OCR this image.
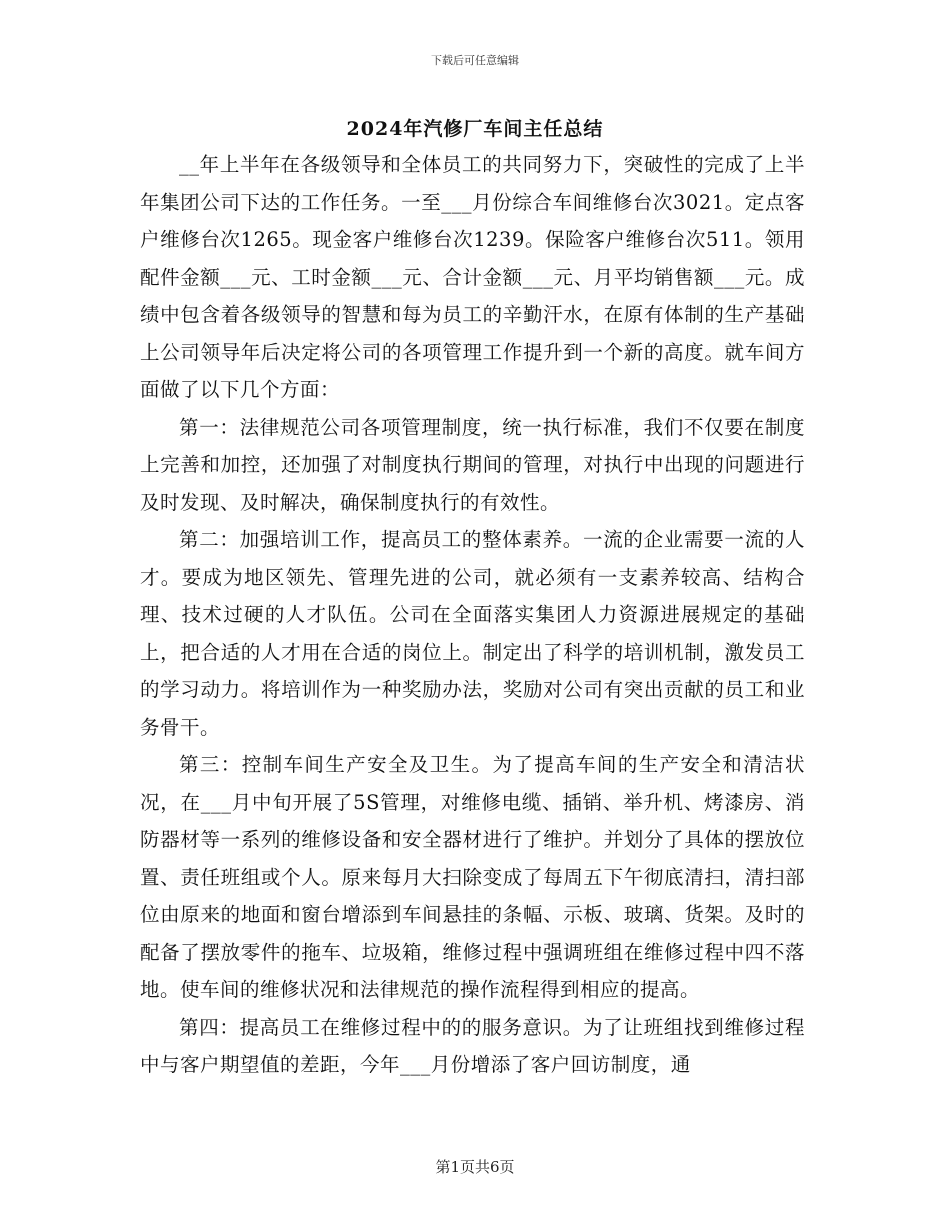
下载后可任意编辑
2024年汽修厂车间主任总结

__年上半年在各级领导和全体员工的共同努力下，突破性的完成了上半年集团公司下达的工作任务。一至___月份综合车间维修台次3021。定点客户维修台次1265。现金客户维修台次1239。保险客户维修台次511。领用配件金额___元、工时金额___元、合计金额___元、月平均销售额___元。成绩中包含着各级领导的智慧和每为员工的辛勤汗水，在原有体制的生产基础上公司领导年后决定将公司的各项管理工作提升到一个新的高度。就车间方面做了以下几个方面：

第一：法律规范公司各项管理制度，统一执行标准，我们不仅要在制度上完善和加控，还加强了对制度执行期间的管理，对执行中出现的问题进行及时发现、及时解决，确保制度执行的有效性。

第二：加强培训工作，提高员工的整体素养。一流的企业需要一流的人才。要成为地区领先、管理先进的公司，就必须有一支素养较高、结构合理、技术过硬的人才队伍。公司在全面落实集团人力资源进展规定的基础上，把合适的人才用在合适的岗位上。制定出了科学的培训机制，激发员工的学习动力。将培训作为一种奖励办法，奖励对公司有突出贡献的员工和业务骨干。

第三：控制车间生产安全及卫生。为了提高车间的生产安全和清洁状况，在___月中旬开展了5S管理，对维修电缆、插销、举升机、烤漆房、消防器材等一系列的维修设备和安全器材进行了维护。并划分了具体的摆放位置、责任班组或个人。原来每月大扫除变成了每周五下午彻底清扫，清扫部位由原来的地面和窗台增添到车间悬挂的条幅、示板、玻璃、货架。及时的配备了摆放零件的拖车、垃圾箱，维修过程中强调班组在维修过程中四不落地。使车间的维修状况和法律规范的操作流程得到相应的提高。

第四：提高员工在维修过程中的的服务意识。为了让班组找到维修过程中与客户期望值的差距，今年___月份增添了客户回访制度，通

第1页共6页
